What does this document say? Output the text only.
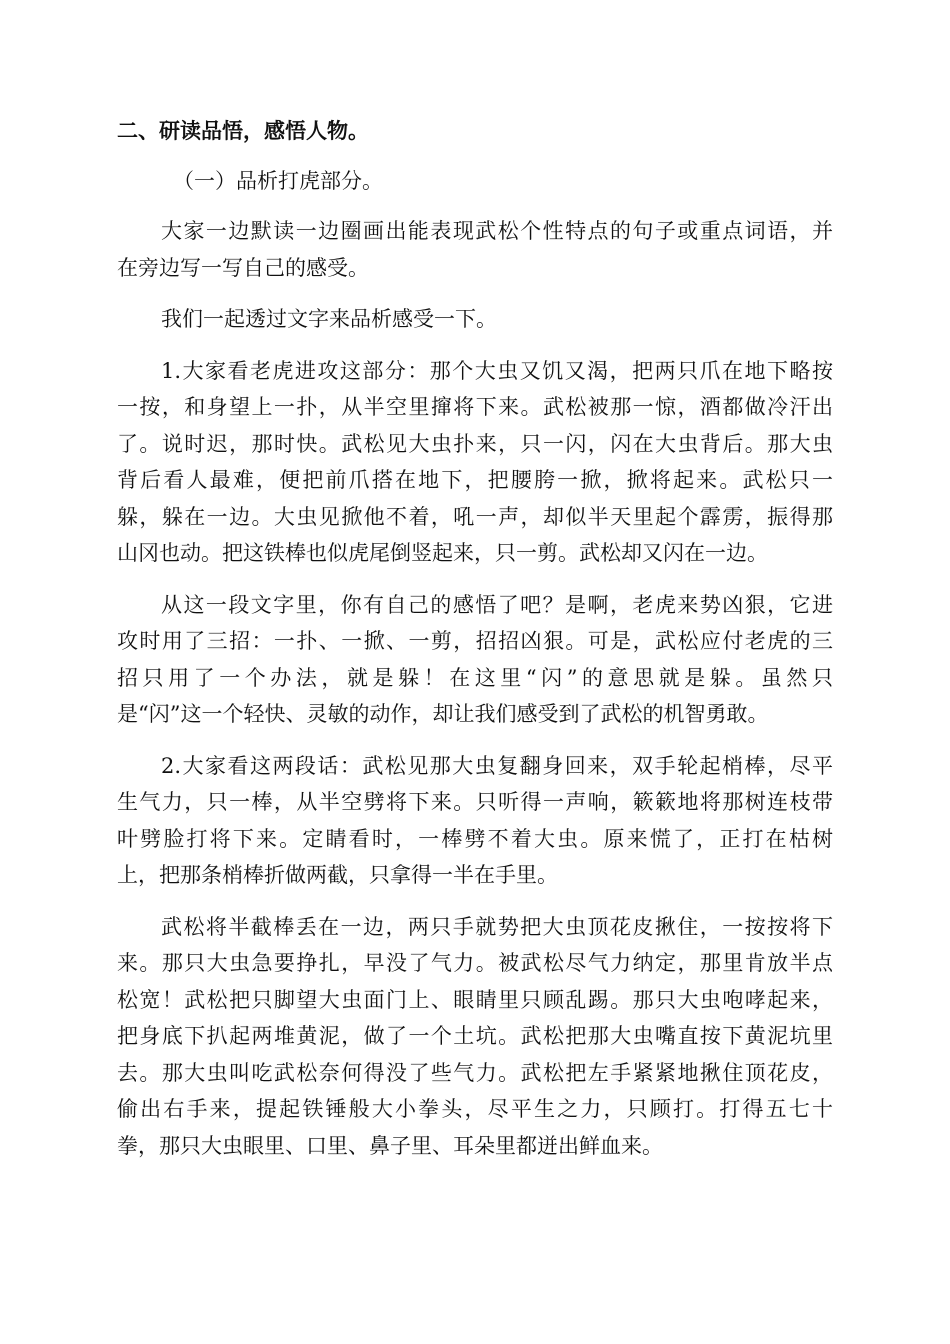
二、研读品悟，感悟人物。
（一）品析打虎部分。
大家一边默读一边圈画出能表现武松个性特点的句子或重点词语，并
在旁边写一写自己的感受。
我们一起透过文字来品析感受一下。
1.大家看老虎进攻这部分：那个大虫又饥又渴，把两只爪在地下略按
一按，和身望上一扑，从半空里撺将下来。武松被那一惊，酒都做冷汗出
了。说时迟，那时快。武松见大虫扑来，只一闪，闪在大虫背后。那大虫
背后看人最难，便把前爪搭在地下，把腰胯一掀，掀将起来。武松只一
躲，躲在一边。大虫见掀他不着，吼一声，却似半天里起个霹雳，振得那
山冈也动。把这铁棒也似虎尾倒竖起来，只一剪。武松却又闪在一边。
从这一段文字里，你有自己的感悟了吧？是啊，老虎来势凶狠，它进
攻时用了三招：一扑、一掀、一剪，招招凶狠。可是，武松应付老虎的三
招只用了一个办法，就是躲！在这里“闪”的意思就是躲。虽然只
是“闪”这一个轻快、灵敏的动作，却让我们感受到了武松的机智勇敢。
2.大家看这两段话：武松见那大虫复翻身回来，双手轮起梢棒，尽平
生气力，只一棒，从半空劈将下来。只听得一声响，簌簌地将那树连枝带
叶劈脸打将下来。定睛看时，一棒劈不着大虫。原来慌了，正打在枯树
上，把那条梢棒折做两截，只拿得一半在手里。
武松将半截棒丢在一边，两只手就势把大虫顶花皮揪住，一按按将下
来。那只大虫急要挣扎，早没了气力。被武松尽气力纳定，那里肯放半点
松宽！武松把只脚望大虫面门上、眼睛里只顾乱踢。那只大虫咆哮起来，
把身底下扒起两堆黄泥，做了一个土坑。武松把那大虫嘴直按下黄泥坑里
去。那大虫叫吃武松奈何得没了些气力。武松把左手紧紧地揪住顶花皮，
偷出右手来，提起铁锤般大小拳头，尽平生之力，只顾打。打得五七十
拳，那只大虫眼里、口里、鼻子里、耳朵里都迸出鲜血来。
